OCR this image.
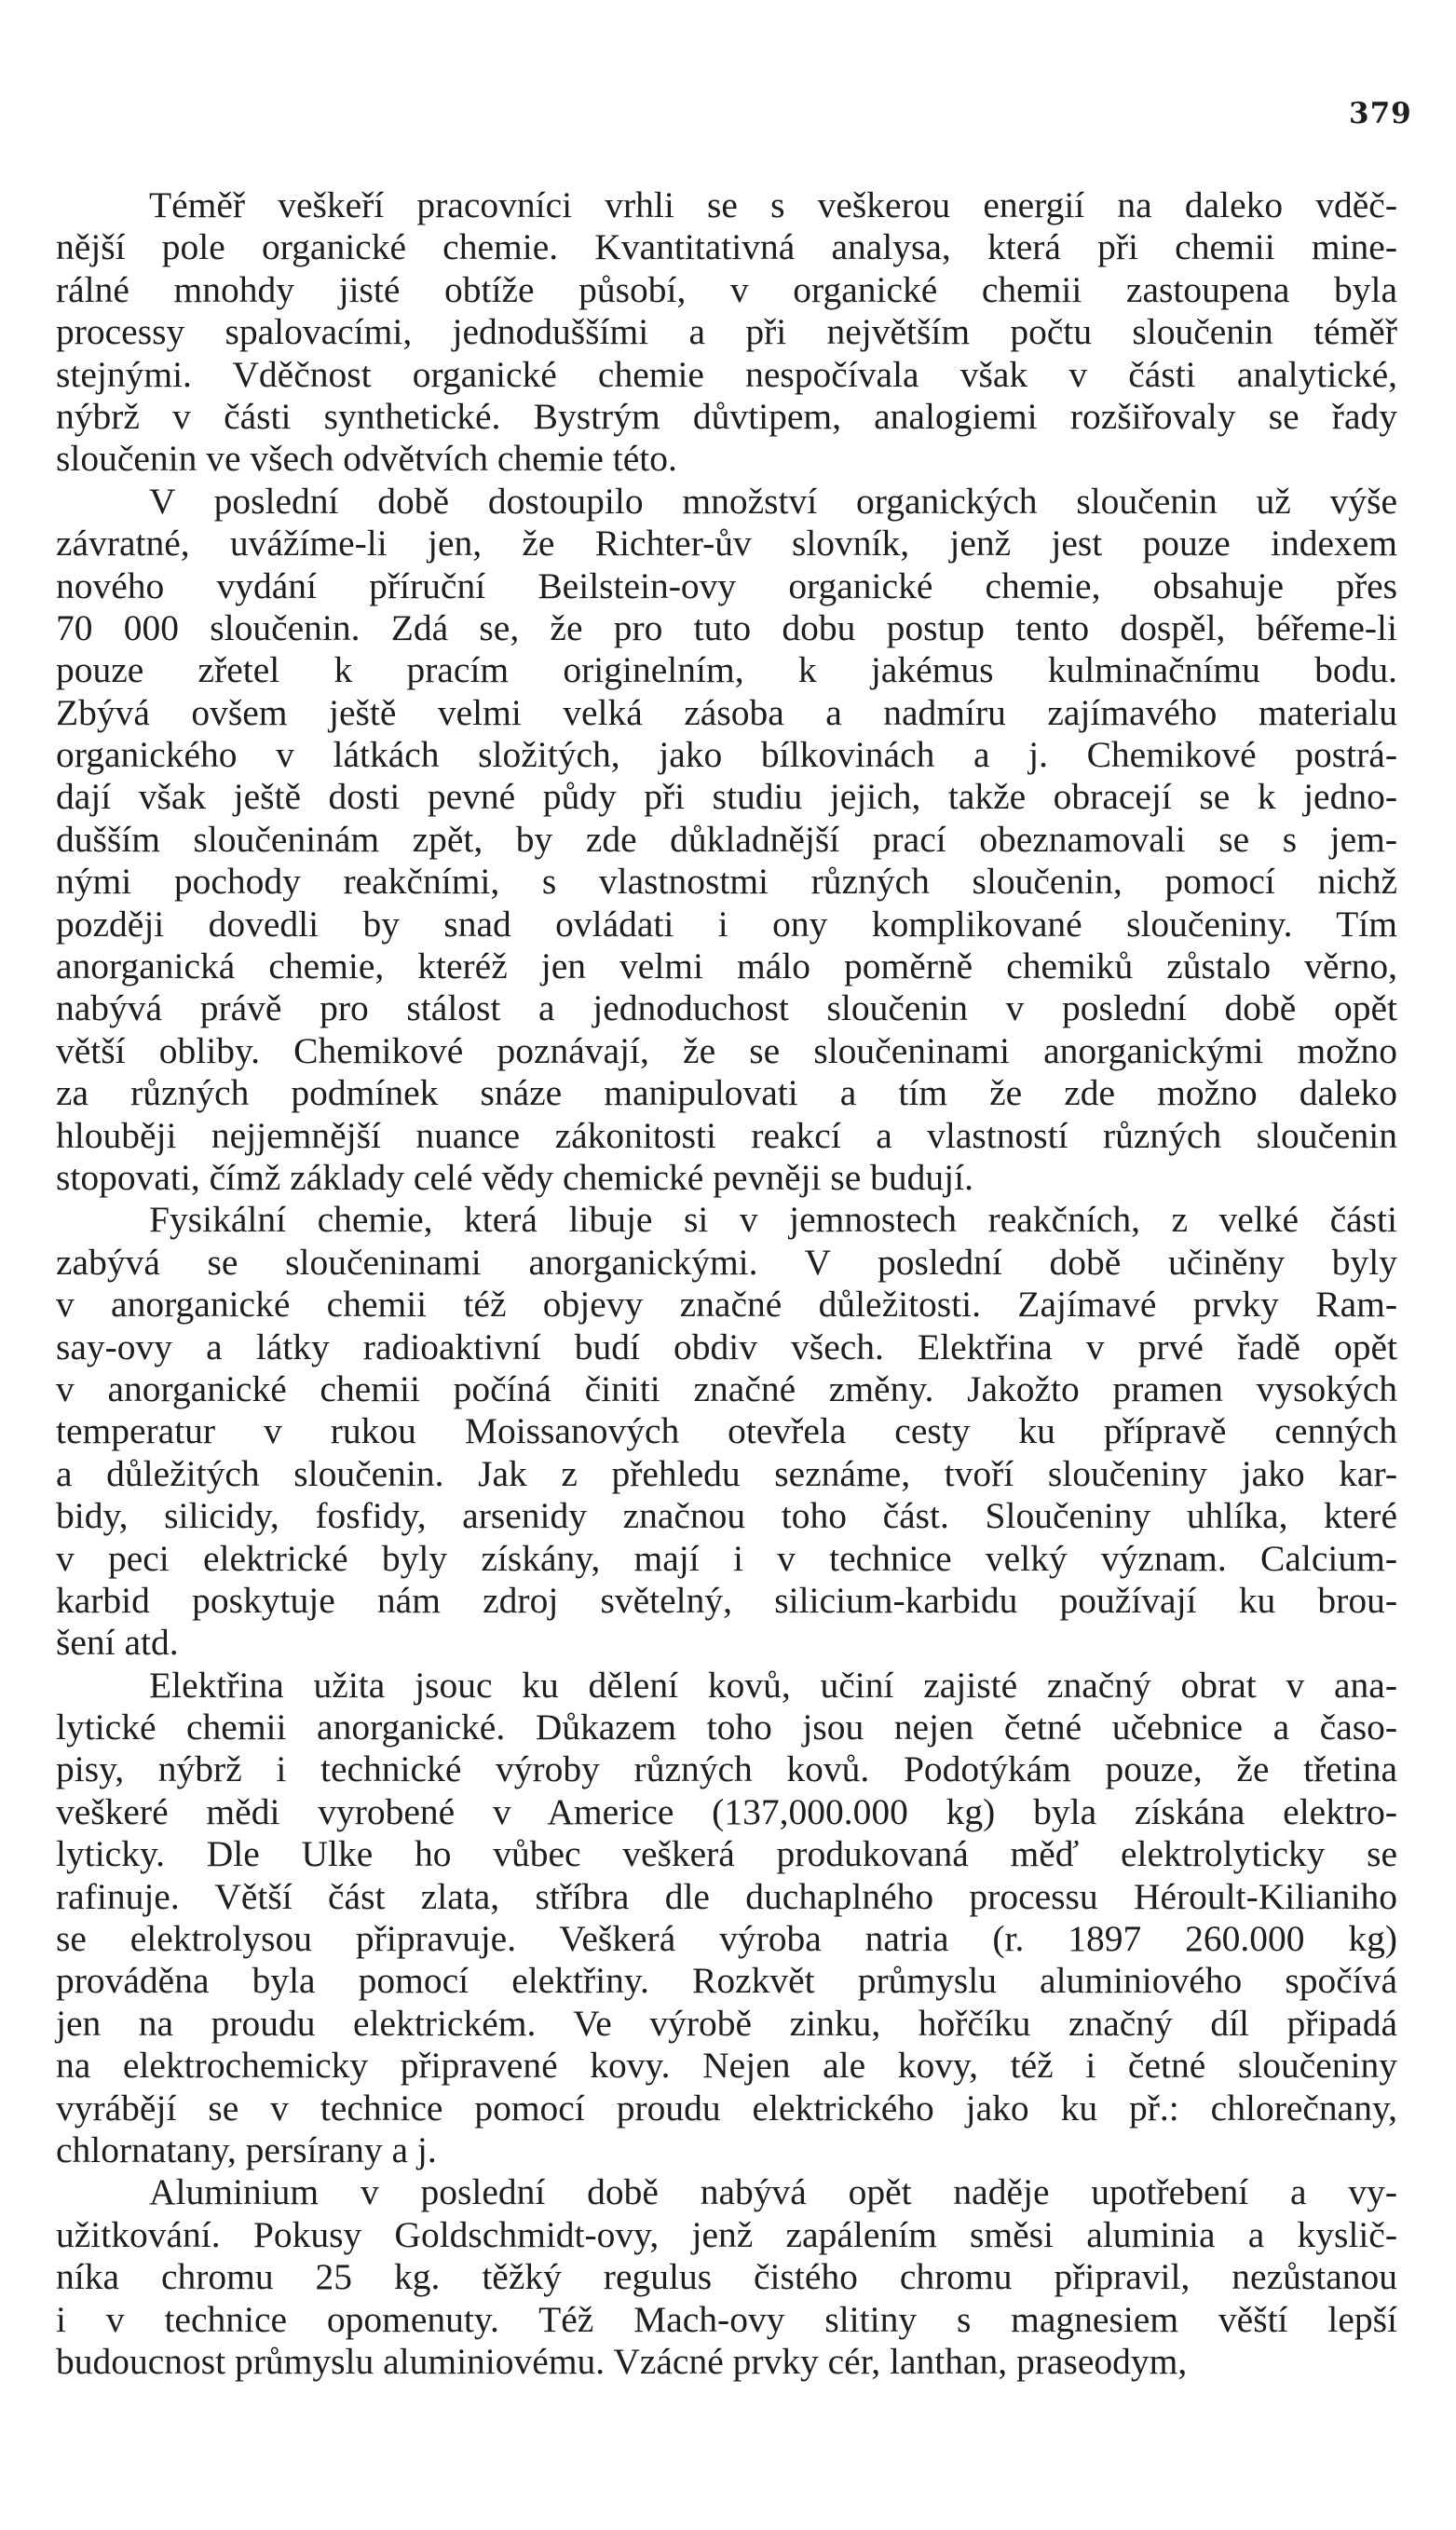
379
Téměř veškeří pracovníci vrhli se s veškerou energií na daleko vděč-
nější pole organické chemie. Kvantitativná analysa, která při chemii mine-
rálné mnohdy jisté obtíže působí, v organické chemii zastoupena byla
processy spalovacími, jednoduššími a při největším počtu sloučenin téměř
stejnými. Vděčnost organické chemie nespočívala však v části analytické,
nýbrž v části synthetické. Bystrým důvtipem, analogiemi rozšiřovaly se řady
sloučenin ve všech odvětvích chemie této.
V poslední době dostoupilo množství organických sloučenin už výše
závratné, uvážíme-li jen, že Richter-ův slovník, jenž jest pouze indexem
nového vydání příruční Beilstein-ovy organické chemie, obsahuje přes
70 000 sloučenin. Zdá se, že pro tuto dobu postup tento dospěl, béřeme-li
pouze zřetel k pracím originelním, k jakémus kulminačnímu bodu.
Zbývá ovšem ještě velmi velká zásoba a nadmíru zajímavého materialu
organického v látkách složitých, jako bílkovinách a j. Chemikové postrá-
dají však ještě dosti pevné půdy při studiu jejich, takže obracejí se k jedno-
dušším sloučeninám zpět, by zde důkladnější prací obeznamovali se s jem-
nými pochody reakčními, s vlastnostmi různých sloučenin, pomocí nichž
později dovedli by snad ovládati i ony komplikované sloučeniny. Tím
anorganická chemie, kteréž jen velmi málo poměrně chemiků zůstalo věrno,
nabývá právě pro stálost a jednoduchost sloučenin v poslední době opět
větší obliby. Chemikové poznávají, že se sloučeninami anorganickými možno
za různých podmínek snáze manipulovati a tím že zde možno daleko
hlouběji nejjemnější nuance zákonitosti reakcí a vlastností různých sloučenin
stopovati, čímž základy celé vědy chemické pevněji se budují.
Fysikální chemie, která libuje si v jemnostech reakčních, z velké části
zabývá se sloučeninami anorganickými. V poslední době učiněny byly
v anorganické chemii též objevy značné důležitosti. Zajímavé prvky Ram-
say-ovy a látky radioaktivní budí obdiv všech. Elektřina v prvé řadě opět
v anorganické chemii počíná činiti značné změny. Jakožto pramen vysokých
temperatur v rukou Moissanových otevřela cesty ku přípravě cenných
a důležitých sloučenin. Jak z přehledu seznáme, tvoří sloučeniny jako kar-
bidy, silicidy, fosfidy, arsenidy značnou toho část. Sloučeniny uhlíka, které
v peci elektrické byly získány, mají i v technice velký význam. Calcium-
karbid poskytuje nám zdroj světelný, silicium-karbidu používají ku brou-
šení atd.
Elektřina užita jsouc ku dělení kovů, učiní zajisté značný obrat v ana-
lytické chemii anorganické. Důkazem toho jsou nejen četné učebnice a časo-
pisy, nýbrž i technické výroby různých kovů. Podotýkám pouze, že třetina
veškeré mědi vyrobené v Americe (137,000.000 kg) byla získána elektro-
lyticky. Dle Ulke ho vůbec veškerá produkovaná měď elektrolyticky se
rafinuje. Větší část zlata, stříbra dle duchaplného processu Héroult-Kilianiho
se elektrolysou připravuje. Veškerá výroba natria (r. 1897 260.000 kg)
prováděna byla pomocí elektřiny. Rozkvět průmyslu aluminiového spočívá
jen na proudu elektrickém. Ve výrobě zinku, hořčíku značný díl připadá
na elektrochemicky připravené kovy. Nejen ale kovy, též i četné sloučeniny
vyrábějí se v technice pomocí proudu elektrického jako ku př.: chlorečnany,
chlornatany, persírany a j.
Aluminium v poslední době nabývá opět naděje upotřebení a vy-
užitkování. Pokusy Goldschmidt-ovy, jenž zapálením směsi aluminia a kyslič-
níka chromu 25 kg. těžký regulus čistého chromu připravil, nezůstanou
i v technice opomenuty. Též Mach-ovy slitiny s magnesiem věští lepší
budoucnost průmyslu aluminiovému. Vzácné prvky cér, lanthan, praseodym,
